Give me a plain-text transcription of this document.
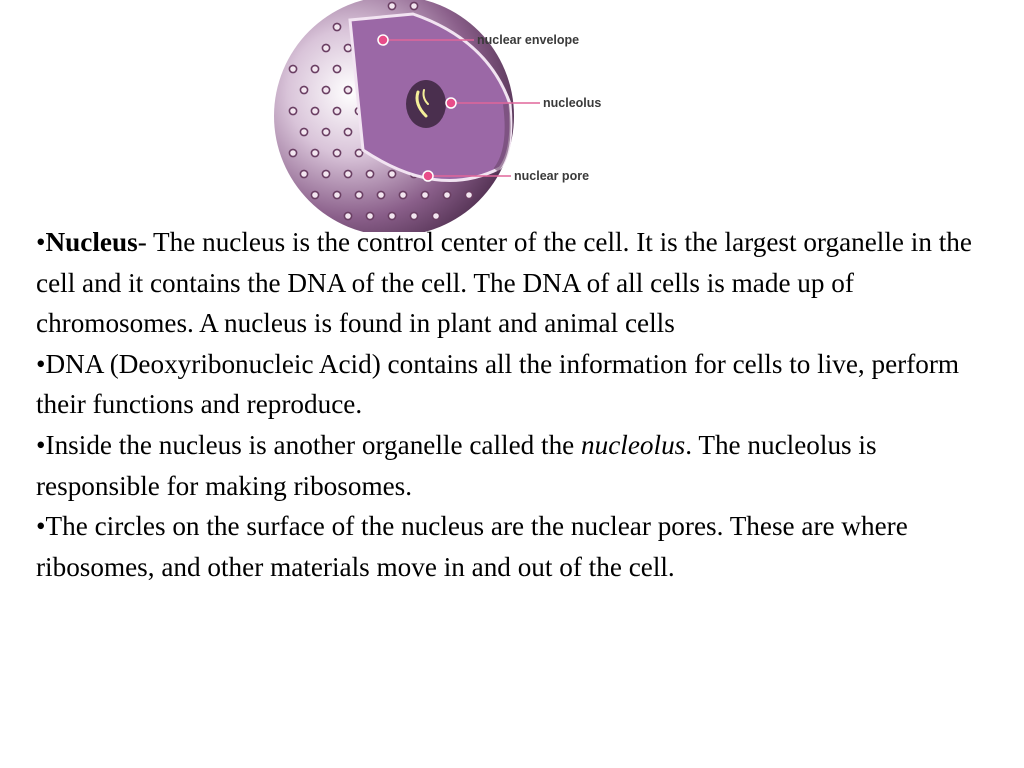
nuclear envelope
nucleolus
nuclear pore

•Nucleus- The nucleus is the control center of the cell. It is the largest organelle in the cell and it contains the DNA of the cell. The DNA of all cells is made up of chromosomes. A nucleus is found in plant and animal cells

•DNA (Deoxyribonucleic Acid) contains all the information for cells to live, perform their functions and reproduce.

•Inside the nucleus is another organelle called the nucleolus. The nucleolus is responsible for making ribosomes.

•The circles on the surface of the nucleus are the nuclear pores. These are where ribosomes, and other materials move in and out of the cell.
